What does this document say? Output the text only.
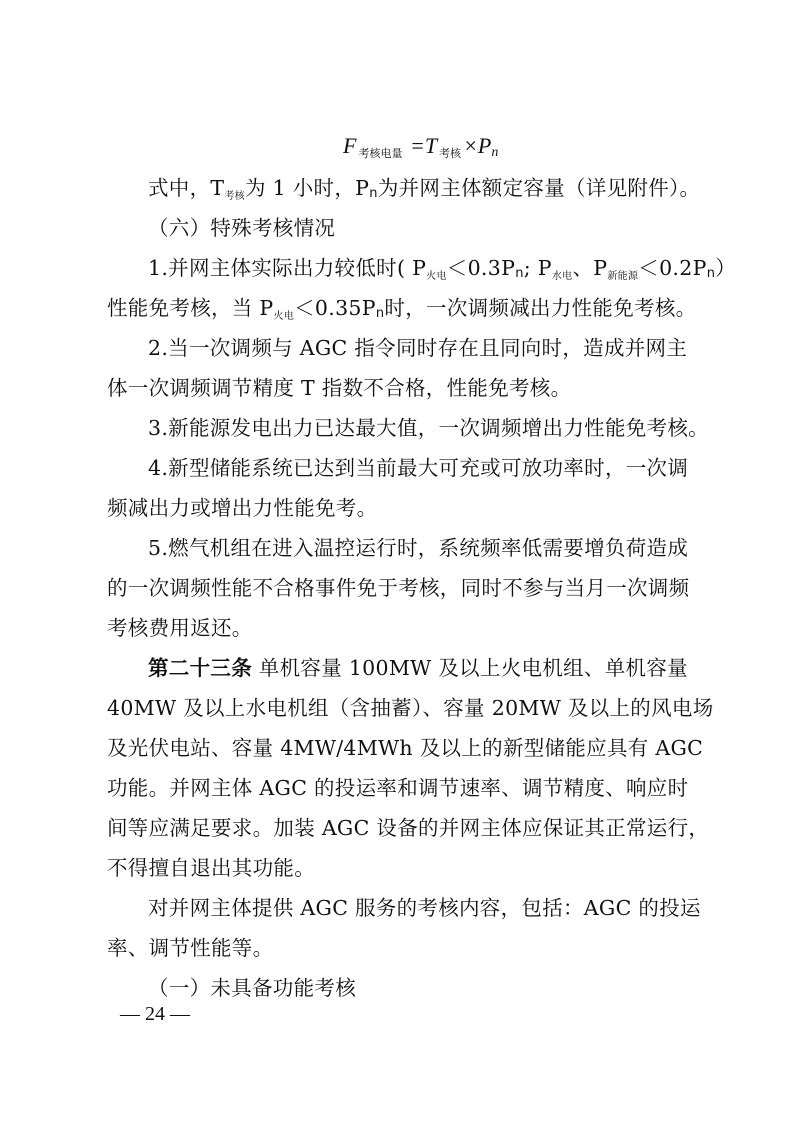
F $_{考核电量}$ =T $_{考核}\times P_n$
式中，$T_{考核}$为 1 小时，Pn为并网主体额定容量（详见附件）。
（六）特殊考核情况
1.并网主体实际出力较低时( $P_{火电}<0.3Pn$; $P_{水电}$、$P_{新能源}<0.2Pn$）
性能免考核，当 $P_{火电}<0.35Pn$时，一次调频减出力性能免考核。
2.当一次调频与 AGC 指令同时存在且同向时，造成并网主
体一次调频调节精度 T 指数不合格，性能免考核。
3.新能源发电出力已达最大值，一次调频增出力性能免考核。
4.新型储能系统已达到当前最大可充或可放功率时，一次调
频减出力或增出力性能免考。
5.燃气机组在进入温控运行时，系统频率低需要增负荷造成
的一次调频性能不合格事件免于考核，同时不参与当月一次调频
考核费用返还。
第二十三条 单机容量 100MW 及以上火电机组、单机容量
40MW 及以上水电机组（含抽蓄）、容量 20MW 及以上的风电场
及光伏电站、容量 4MW/4MWh 及以上的新型储能应具有 AGC
功能。并网主体 AGC 的投运率和调节速率、调节精度、响应时
间等应满足要求。加装 AGC 设备的并网主体应保证其正常运行，
不得擅自退出其功能。
对并网主体提供 AGC 服务的考核内容，包括：AGC 的投运
率、调节性能等。
（一）未具备功能考核
— 24 —
